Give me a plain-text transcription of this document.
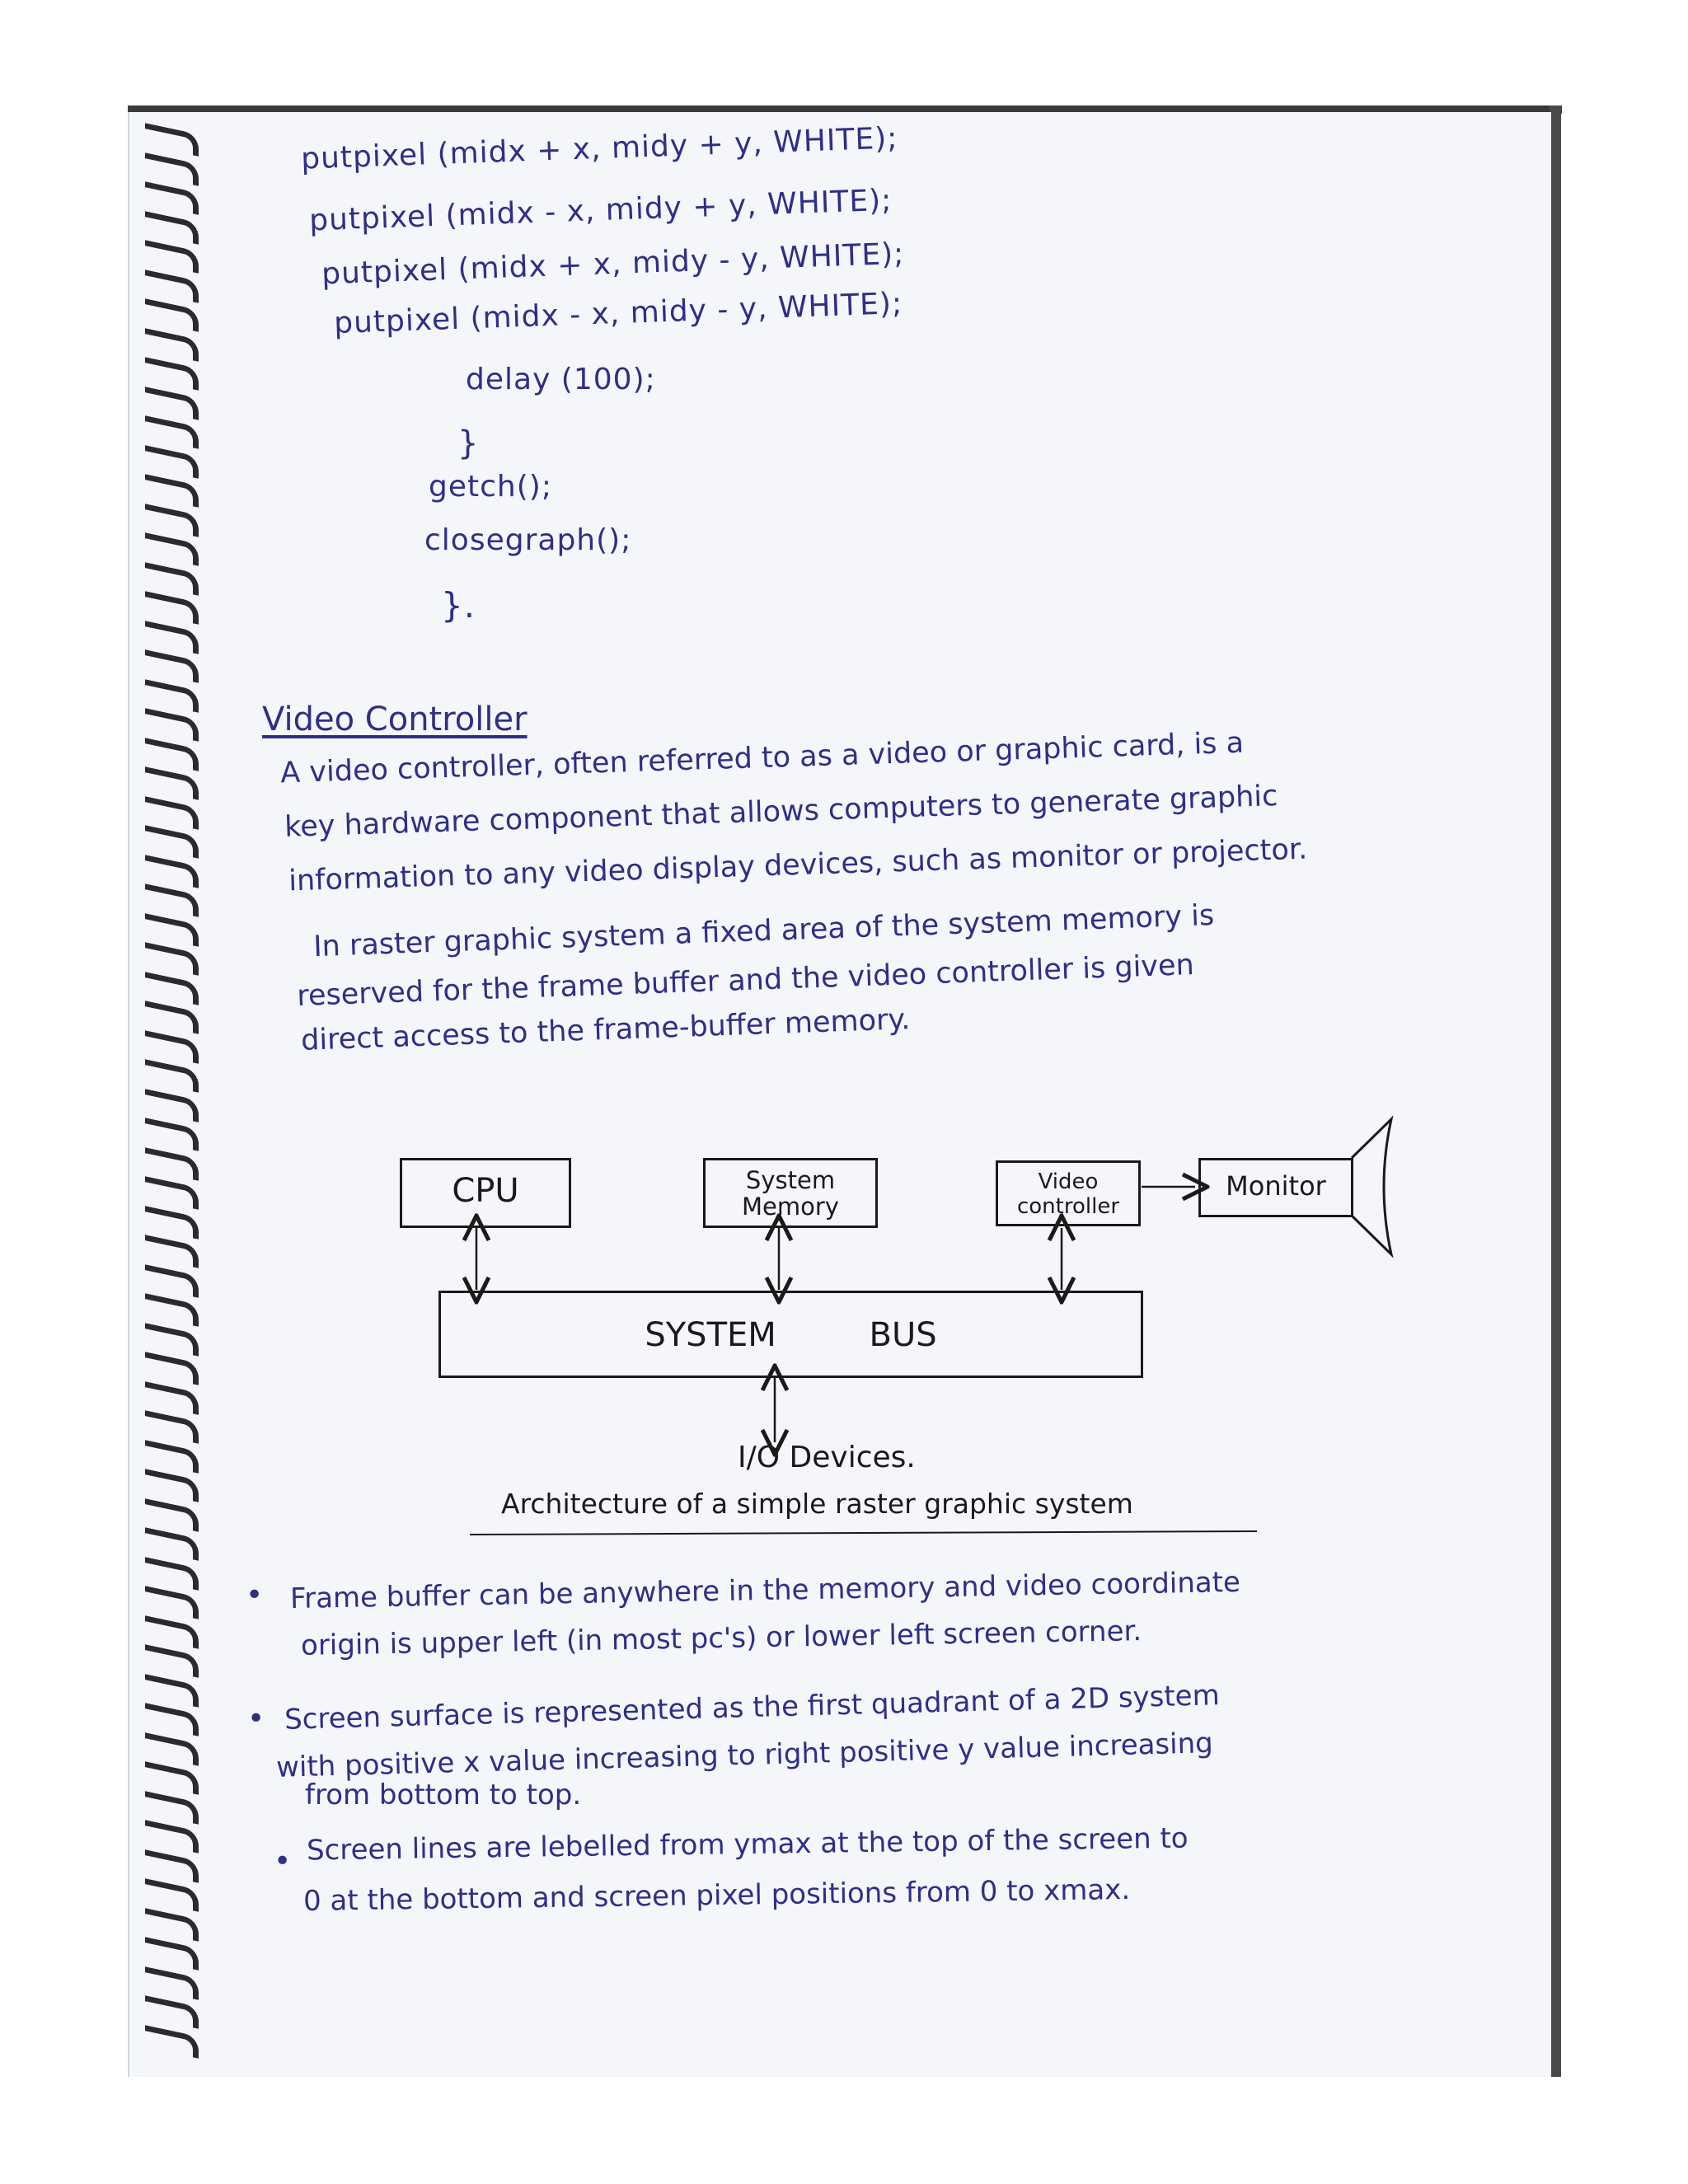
putpixel (midx + x, midy + y, WHITE);
putpixel (midx - x, midy + y, WHITE);
putpixel (midx + x, midy - y, WHITE);
putpixel (midx - x, midy - y, WHITE);
delay (100);
}
getch();
closegraph();
}.
Video Controller
A video controller, often referred to as a video or graphic card, is a
key hardware component that allows computers to generate graphic
information to any video display devices, such as monitor or projector.
In raster graphic system a fixed area of the system memory is
reserved for the frame buffer and the video controller is given
direct access to the frame-buffer memory.
CPU	System
Memory
Video
controller
Monitor
SYSTEM	BUS
I/O Devices.
Architecture of a simple raster graphic system
• Frame buffer can be anywhere in the memory and video coordinate
origin is upper left (in most pc's) or lower left screen corner.
• Screen surface is represented as the first quadrant of a 2D system
with positive x value increasing to right positive y value increasing
from bottom to top.
• Screen lines are lebelled from ymax at the top of the screen to
0 at the bottom and screen pixel positions from 0 to xmax.
